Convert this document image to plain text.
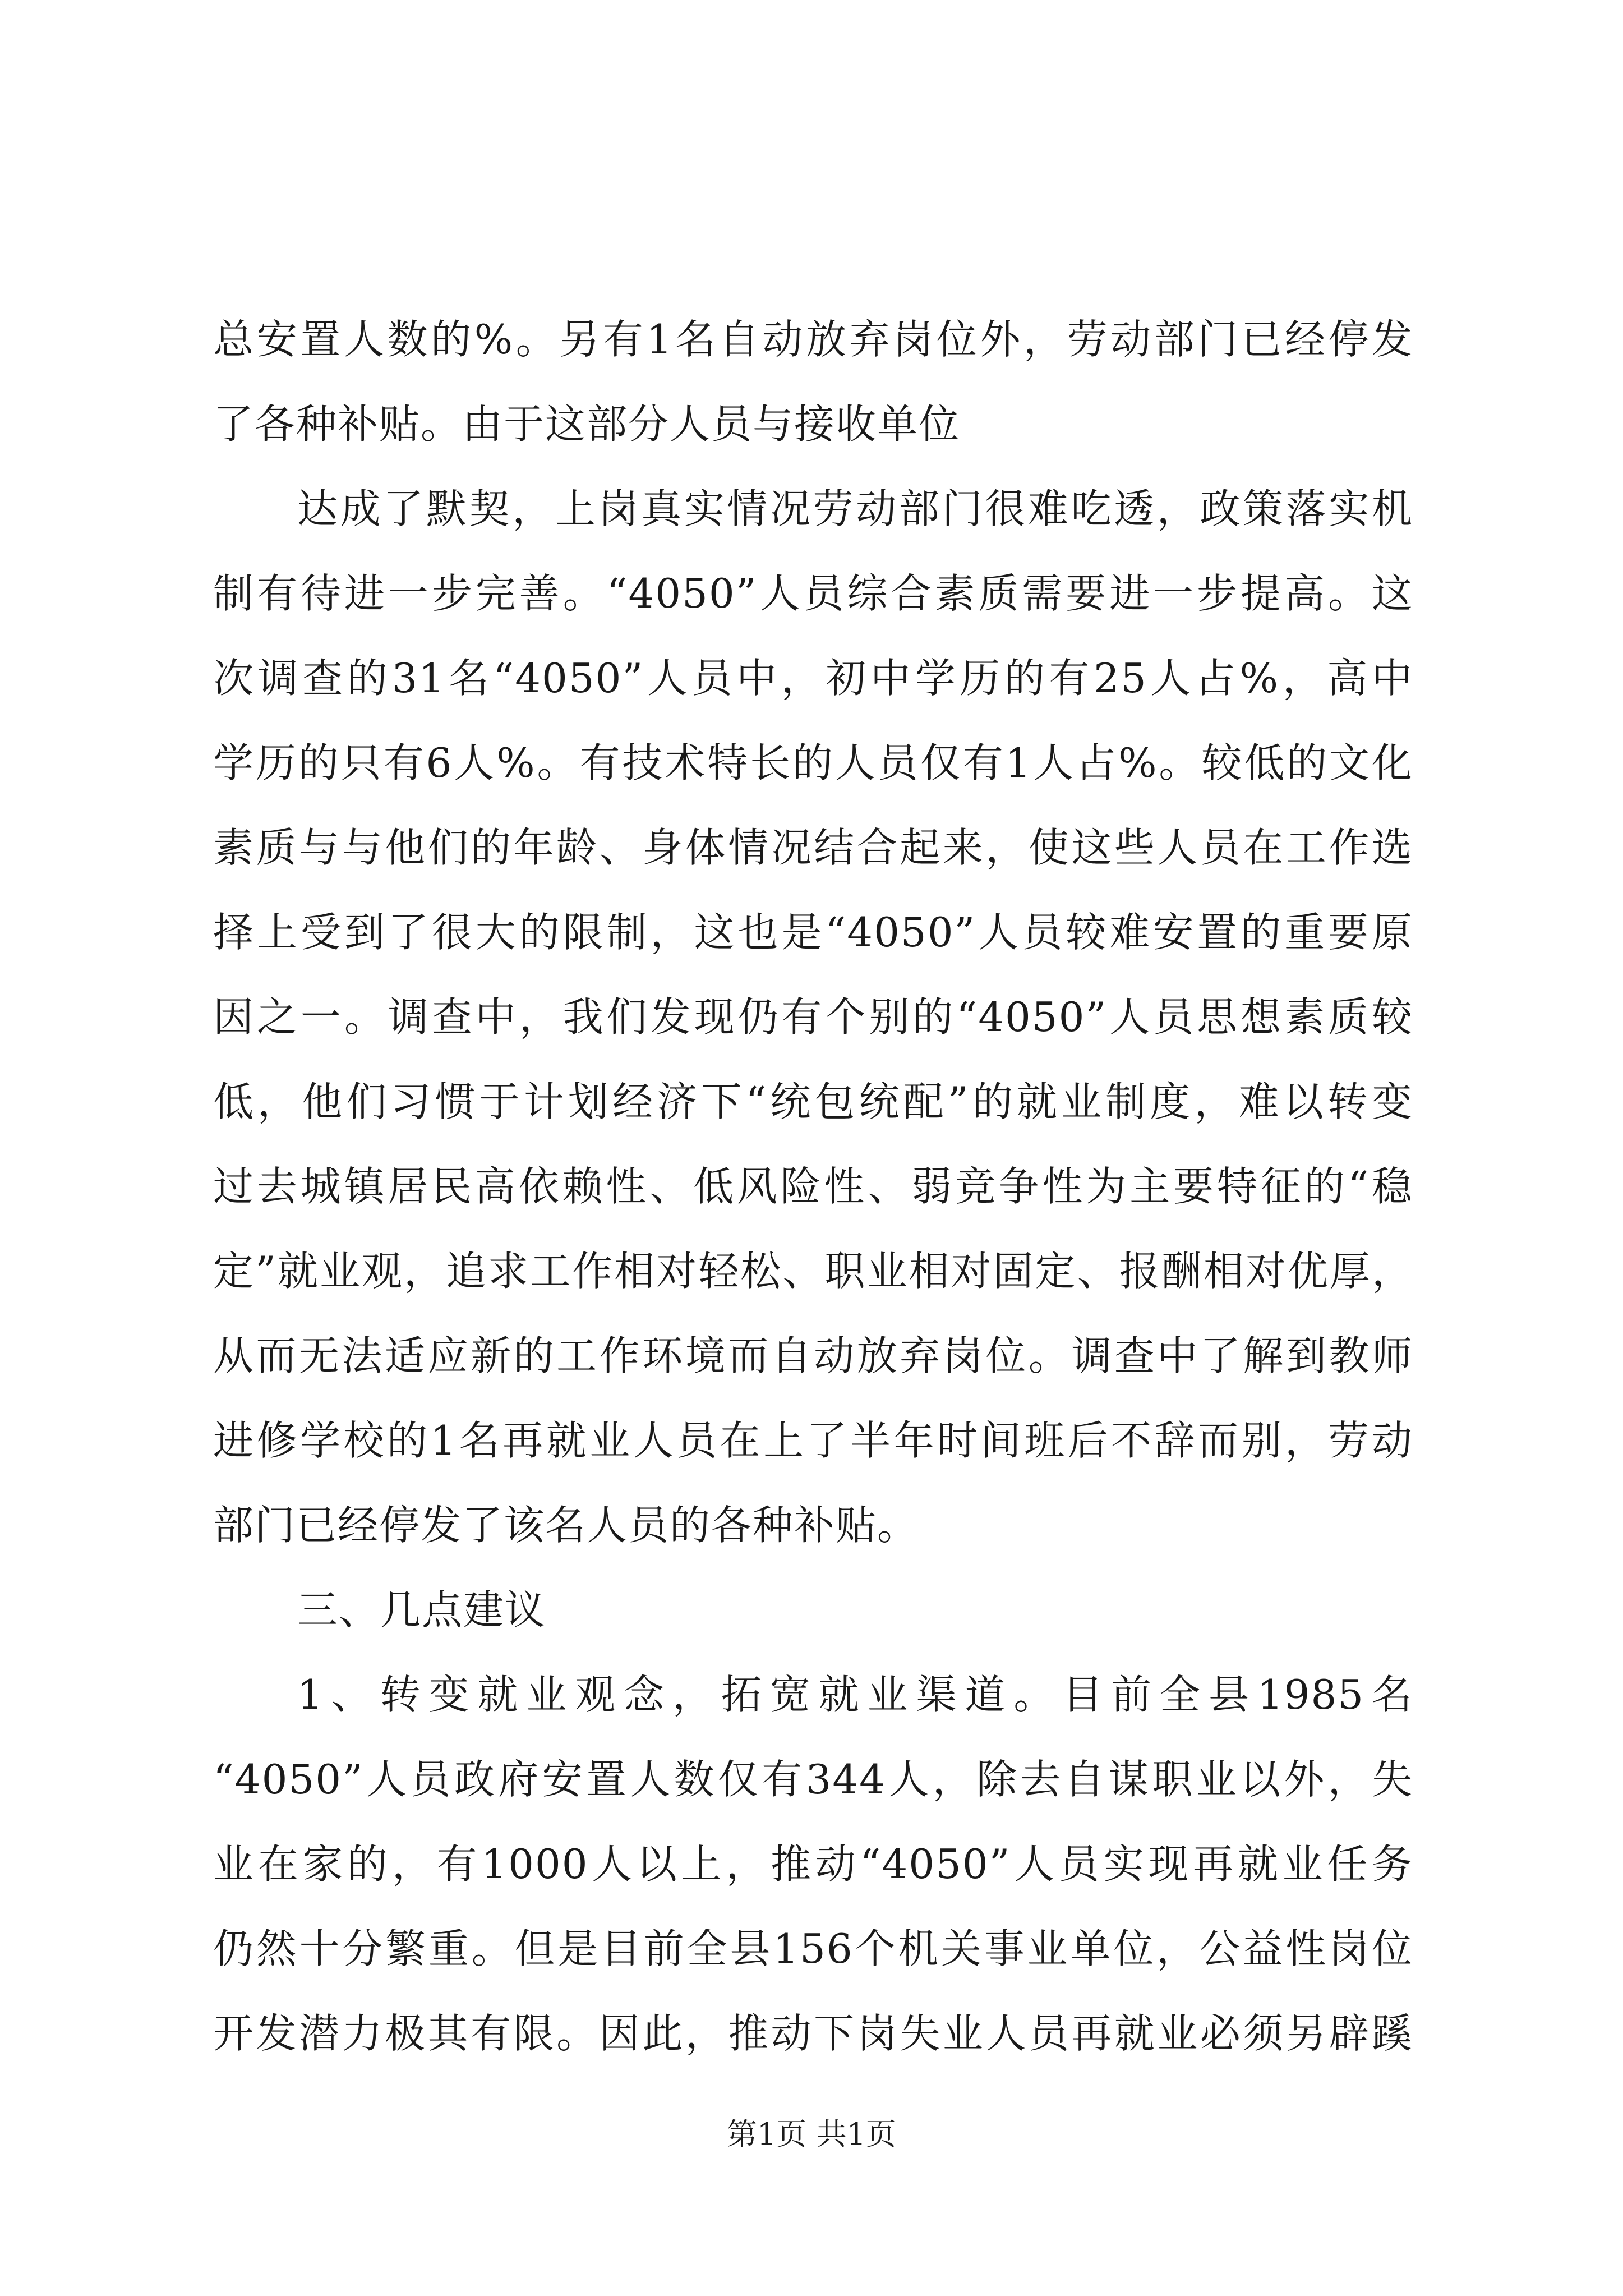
总安置人数的%。另有1名自动放弃岗位外，劳动部门已经停发
了各种补贴。由于这部分人员与接收单位
达成了默契，上岗真实情况劳动部门很难吃透，政策落实机
制有待进一步完善。“4050”人员综合素质需要进一步提高。这
次调查的31名“4050”人员中，初中学历的有25人占%，高中
学历的只有6人%。有技术特长的人员仅有1人占%。较低的文化
素质与与他们的年龄、身体情况结合起来，使这些人员在工作选
择上受到了很大的限制，这也是“4050”人员较难安置的重要原
因之一。调查中，我们发现仍有个别的“4050”人员思想素质较
低，他们习惯于计划经济下“统包统配”的就业制度，难以转变
过去城镇居民高依赖性、低风险性、弱竞争性为主要特征的“稳
定”就业观，追求工作相对轻松、职业相对固定、报酬相对优厚，
从而无法适应新的工作环境而自动放弃岗位。调查中了解到教师
进修学校的1名再就业人员在上了半年时间班后不辞而别，劳动
部门已经停发了该名人员的各种补贴。
三、几点建议
1、转变就业观念，拓宽就业渠道。目前全县1985名
“4050”人员政府安置人数仅有344人，除去自谋职业以外，失
业在家的，有1000人以上，推动“4050”人员实现再就业任务
仍然十分繁重。但是目前全县156个机关事业单位，公益性岗位
开发潜力极其有限。因此，推动下岗失业人员再就业必须另辟蹊
第1页 共1页
